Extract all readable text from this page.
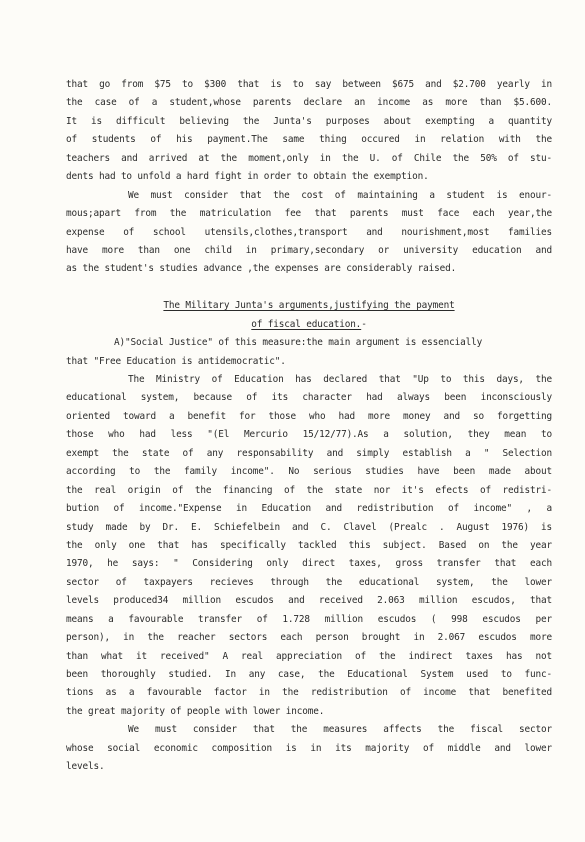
that go from $75 to $300 that is to say between $675 and $2.700 yearly in
the case of a student,whose parents declare an income as more than $5.600.
It is difficult believing the Junta's purposes about exempting a quantity
of students of his payment.The same thing occured in relation with the
teachers and arrived at the moment,only in the U. of Chile the 50% of stu-
dents had to unfold a hard fight in order to obtain the exemption.
We must consider that the cost of maintaining a student is enour-
mous;apart from the matriculation fee that parents must face each year,the
expense of school utensils,clothes,transport and nourishment,most families
have more than one child in primary,secondary or university education and
as the student's studies advance ,the expenses are considerably raised.
The Military Junta's arguments,justifying the payment
of fiscal education.-
A)"Social Justice" of this measure:the main argument is essencially
that "Free Education is antidemocratic".
The Ministry of Education has declared that "Up to this days, the
educational system, because of its character had always been inconsciously
oriented toward a benefit for those who had more money and so forgetting
those who had less "(El Mercurio 15/12/77).As a solution, they mean to
exempt the state of any responsability and simply establish a " Selection
according to the family income". No serious studies have been made about
the real origin of the financing of the state nor it's efects of redistri-
bution of income."Expense in Education and redistribution of income" , a
study made by Dr. E. Schiefelbein and C. Clavel (Prealc . August 1976) is
the only one that has specifically tackled this subject. Based on the year
1970, he says: " Considering only direct taxes, gross transfer that each
sector of taxpayers recieves through the educational system, the lower
levels produced34 million escudos and received 2.063 million escudos, that
means a favourable transfer of 1.728 million escudos ( 998 escudos per
person), in the reacher sectors each person brought in 2.067 escudos more
than what it received" A real appreciation of the indirect taxes has not
been thoroughly studied. In any case, the Educational System used to func-
tions as a favourable factor in the redistribution of income that benefited
the great majority of people with lower income.
We must consider that the measures affects the fiscal sector
whose social economic composition is in its majority of middle and lower
levels.
